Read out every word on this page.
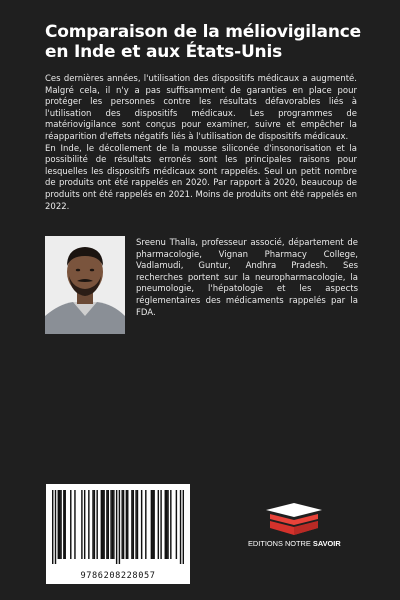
Comparaison de la méliovigilance en Inde et aux États-Unis

Ces dernières années, l'utilisation des dispositifs médicaux a augmenté. Malgré cela, il n'y a pas suffisamment de garanties en place pour protéger les personnes contre les résultats défavorables liés à l'utilisation des dispositifs médicaux. Les programmes de matériovigilance sont conçus pour examiner, suivre et empêcher la réapparition d'effets négatifs liés à l'utilisation de dispositifs médicaux.

En Inde, le décollement de la mousse siliconée d'insonorisation et la possibilité de résultats erronés sont les principales raisons pour lesquelles les dispositifs médicaux sont rappelés. Seul un petit nombre de produits ont été rappelés en 2020. Par rapport à 2020, beaucoup de produits ont été rappelés en 2021. Moins de produits ont été rappelés en 2022.

Sreenu Thalla, professeur associé, département de pharmacologie, Vignan Pharmacy College, Vadlamudi, Guntur, Andhra Pradesh. Ses recherches portent sur la neuropharmacologie, la pneumologie, l'hépatologie et les aspects réglementaires des médicaments rappelés par la FDA.
9786208228057
EDITIONS NOTRE SAVOIR
